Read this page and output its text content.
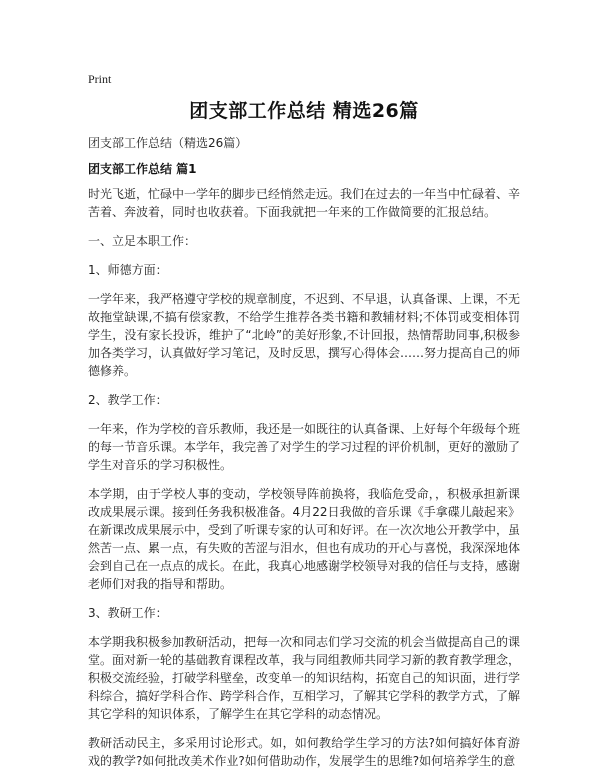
Print
团支部工作总结 精选26篇
团支部工作总结（精选26篇）
团支部工作总结 篇1

时光飞逝，忙碌中一学年的脚步已经悄然走远。我们在过去的一年当中忙碌着、辛苦着、奔波着，同时也收获着。下面我就把一年来的工作做简要的汇报总结。

一、立足本职工作：

1、师德方面：

一学年来，我严格遵守学校的规章制度，不迟到、不早退，认真备课、上课，不无故拖堂缺课,不搞有偿家教，不给学生推荐各类书籍和教辅材料;不体罚或变相体罚学生，没有家长投诉，维护了“北岭”的美好形象,不计回报，热情帮助同事,积极参加各类学习，认真做好学习笔记，及时反思，撰写心得体会……努力提高自己的师德修养。

2、教学工作：

一年来，作为学校的音乐教师，我还是一如既往的认真备课、上好每个年级每个班的每一节音乐课。本学年，我完善了对学生的学习过程的评价机制，更好的激励了学生对音乐的学习积极性。

本学期，由于学校人事的变动，学校领导阵前换将，我临危受命，，积极承担新课改成果展示课。接到任务我积极准备。4月22日我做的音乐课《手拿碟儿敲起来》在新课改成果展示中，受到了听课专家的认可和好评。在一次次地公开教学中，虽然苦一点、累一点，有失败的苦涩与泪水，但也有成功的开心与喜悦，我深深地体会到自己在一点点的成长。在此，我真心地感谢学校领导对我的信任与支持，感谢老师们对我的指导和帮助。

3、教研工作：

本学期我积极参加教研活动，把每一次和同志们学习交流的机会当做提高自己的课堂。面对新一轮的基础教育课程改革，我与同组教师共同学习新的教育教学理念，积极交流经验，打破学科壁垒，改变单一的知识结构，拓宽自己的知识面，进行学科综合，搞好学科合作、跨学科合作，互相学习，了解其它学科的教学方式，了解其它学科的知识体系，了解学生在其它学科的动态情况。

教研活动民主，多采用讨论形式。如，如何教给学生学习的方法?如何搞好体育游戏的教学?如何批改美术作业?如何借助动作，发展学生的思维?如何培养学生的意
